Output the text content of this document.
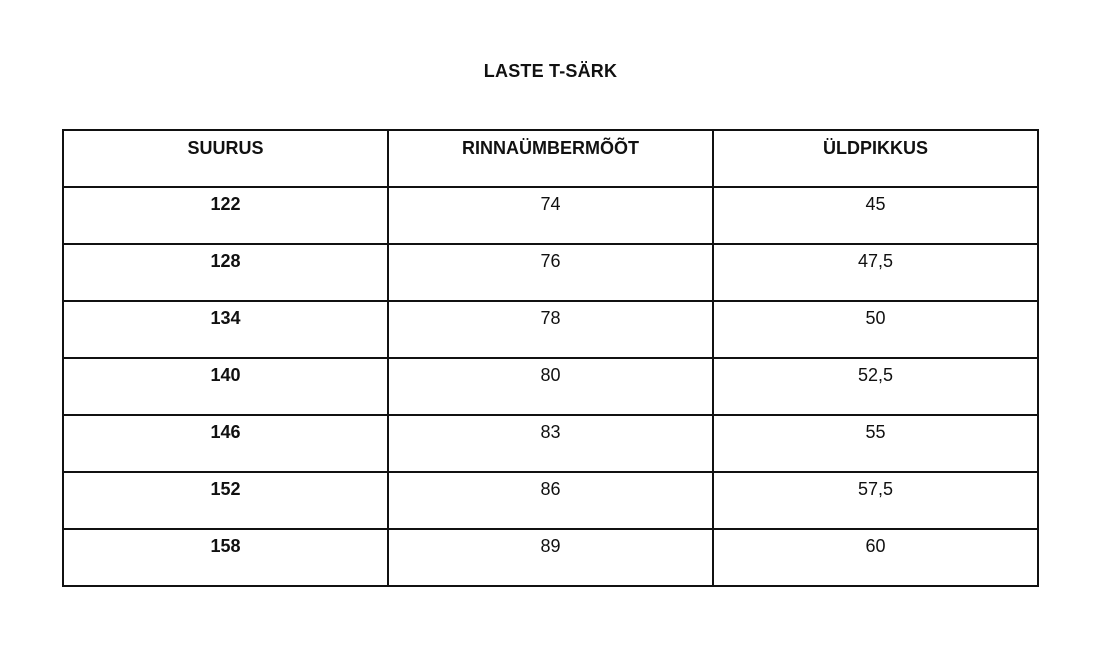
LASTE T-SÄRK
SUURUS	RINNAÜMBERMÕÕT	ÜLDPIKKUS
122	74	45
128	76	47,5
134	78	50
140	80	52,5
146	83	55
152	86	57,5
158	89	60
